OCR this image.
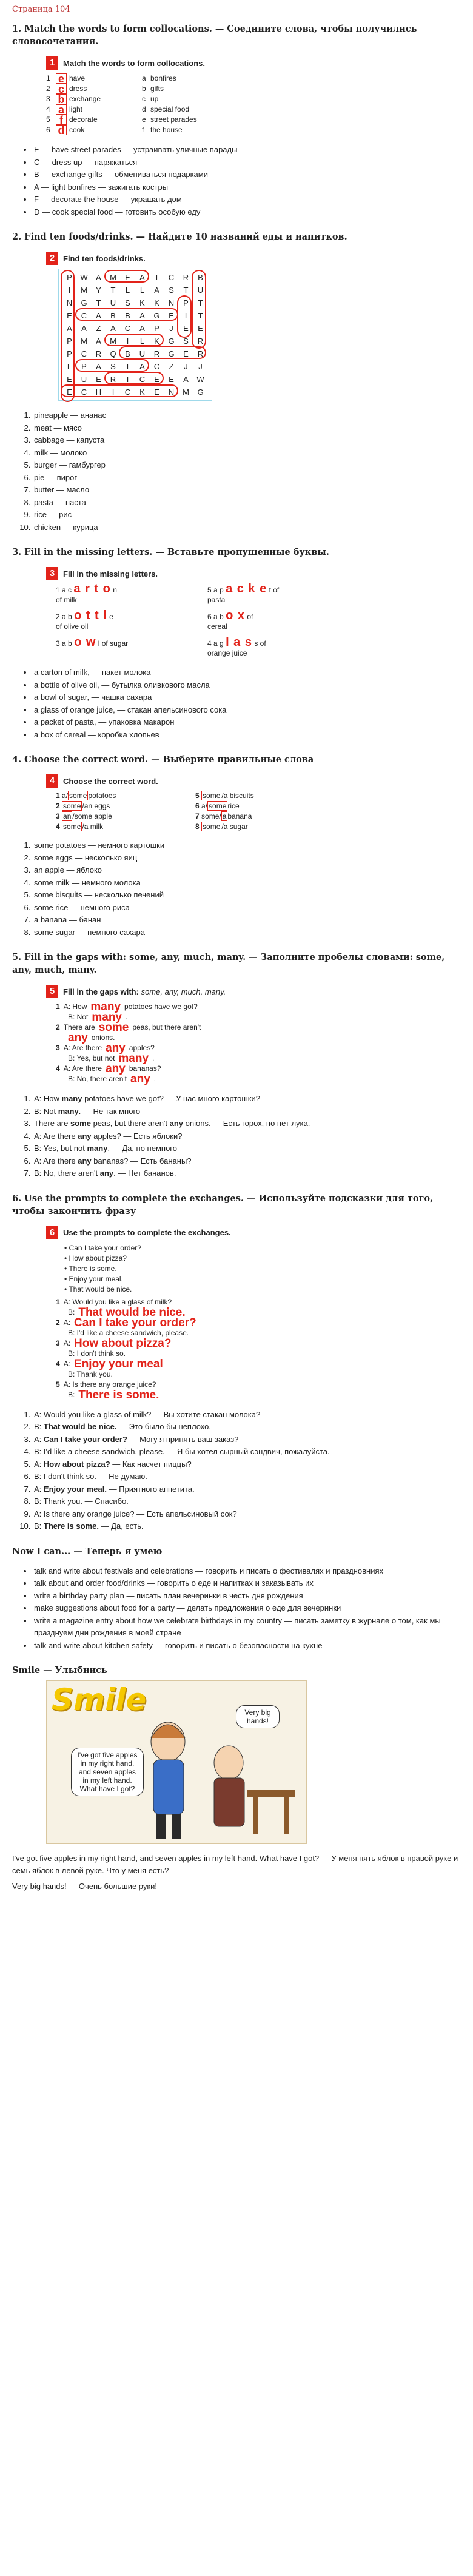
Страница 104
1. Match the words to form collocations. — Соедините слова, чтобы получились словосочетания.
1	Match the words to form collocations.
1 e have	a bonfires
2 c dress	b gifts
3 b exchange	c up
4 a light	d special food
5 f decorate	e street parades
6 d cook	f the house
• E — have street parades — устраивать уличные парады
• C — dress up — наряжаться
• B — exchange gifts — обмениваться подарками
• A — light bonfires — зажигать костры
• F — decorate the house — украшать дом
• D — cook special food — готовить особую еду
2. Find ten foods/drinks. — Найдите 10 названий еды и напитков.
2	Find ten foods/drinks.
P W A	M	E	A	T	C	R	B
I	M	Y	T	L	L	A	S	T	U
N	G	T	U	S	K	K	N	P	T
E	C	A	B	B	A	G	E	I	T
A	A	Z	A	C	A	P	J	E	E
P	M	A	M	I	L	K	G	S	R
P	C	R	Q	B	U	R	G	E	R
L	P	A	S	T	A	C	Z	J	J
E	U	E	R	I	C	E	E	A W
E	C	H	I	C	K	E	N M G
1. pineapple — ананас
2. meat — мясо
3. cabbage — капуста
4. milk — молоко
5. burger — гамбургер
6. pie — пирог
7. butter — масло
8. pasta — паста
9. rice — рис
10. chicken — курица
3. Fill in the missing letters. — Вставьте пропущенные буквы.
3	Fill in the missing letters.
1 a c a r t o n
of milk
5 a p a c k e t of
pasta
2 a b o t t l e
of olive oil
6 a b o x of
cereal
3 a b o w l of sugar	4 a g l a s s of
orange juice
• a carton of milk, — пакет молока
• a bottle of olive oil, — бутылка оливкового масла
• a bowl of sugar, — чашка сахара
• a glass of orange juice, — стакан апельсинового сока
• a packet of pasta, — упаковка макарон
• a box of cereal — коробка хлопьев
4. Choose the correct word. — Выберите правильные слова
4	Choose the correct word.
1 a/ some potatoes	5 some /a biscuits
2 some /an eggs	6 a/ some rice
3 an /some apple	7 some/ a banana
4 some /a milk	8 some /a sugar
1. some potatoes — немного картошки
2. some eggs — несколько яиц
3. an apple — яблоко
4. some milk — немного молока
5. some bisquits — несколько печений
6. some rice — немного риса
7. a banana — банан
8. some sugar — немного сахара
5. Fill in the gaps with: some, any, much, many. — Заполните пробелы словами: some, any, much, many.
5	Fill in the gaps with: some, any, much, many.
1 A: How many potatoes have we got?
B: Not many .
2 There are some peas, but there aren't
any onions.
3 A: Are there any apples?
B: Yes, but not many .
4 A: Are there any bananas?
B: No, there aren't any .
1. A: How many potatoes have we got? — У нас много картошки?
2. B: Not many. — Не так много
3. There are some peas, but there aren't any onions. — Есть горох, но нет лука.
4. A: Are there any apples? — Есть яблоки?
5. B: Yes, but not many. — Да, но немного
6. A: Are there any bananas? — Есть бананы?
7. B: No, there aren't any. — Нет бананов.
6. Use the prompts to complete the exchanges. — Используйте подсказки для того, чтобы закончить фразу
6	Use the prompts to complete the exchanges.
• Can I take your order?
• How about pizza?
• There is some.
• Enjoy your meal.
• That would be nice.
1 A: Would you like a glass of milk?
B: That would be nice.
2 A: Can I take your order?
B: I'd like a cheese sandwich, please.
3 A: How about pizza?
B: I don't think so.
4 A: Enjoy your meal
B: Thank you.
5 A: Is there any orange juice?
B: There is some.
1. A: Would you like a glass of milk? — Вы хотите стакан молока?
2. B: That would be nice. — Это было бы неплохо.
3. A: Can I take your order? — Могу я принять ваш заказ?
4. B: I'd like a cheese sandwich, please. — Я бы хотел сырный сэндвич, пожалуйста.
5. A: How about pizza? — Как насчет пиццы?
6. B: I don't think so. — Не думаю.
7. A: Enjoy your meal. — Приятного аппетита.
8. B: Thank you. — Спасибо.
9. A: Is there any orange juice? — Есть апельсиновый сок?
10. B: There is some. — Да, есть.
Now I can... — Теперь я умею
• talk and write about festivals and celebrations — говорить и писать о фестивалях и праздновниях
• talk about and order food/drinks — говорить о еде и напитках и заказывать их
• write a birthday party plan — писать план вечеринки в честь дня рождения
• make suggestions about food for a party — делать предложения о еде для вечеринки
• write a magazine entry about how we celebrate birthdays in my country — писать заметку в журнале о том, как мы празднуем дни рождения в моей стране
• talk and write about kitchen safety — говорить и писать о безопасности на кухне
Smile — Улыбнись
Smile
I've got five apples in my right hand, and seven apples in my left hand. What have I got?
Very big hands!

I've got five apples in my right hand, and seven apples in my left hand. What have I got? — У меня пять яблок в правой руке и семь яблок в левой руке. Что у меня есть?

Very big hands! — Очень большие руки!
